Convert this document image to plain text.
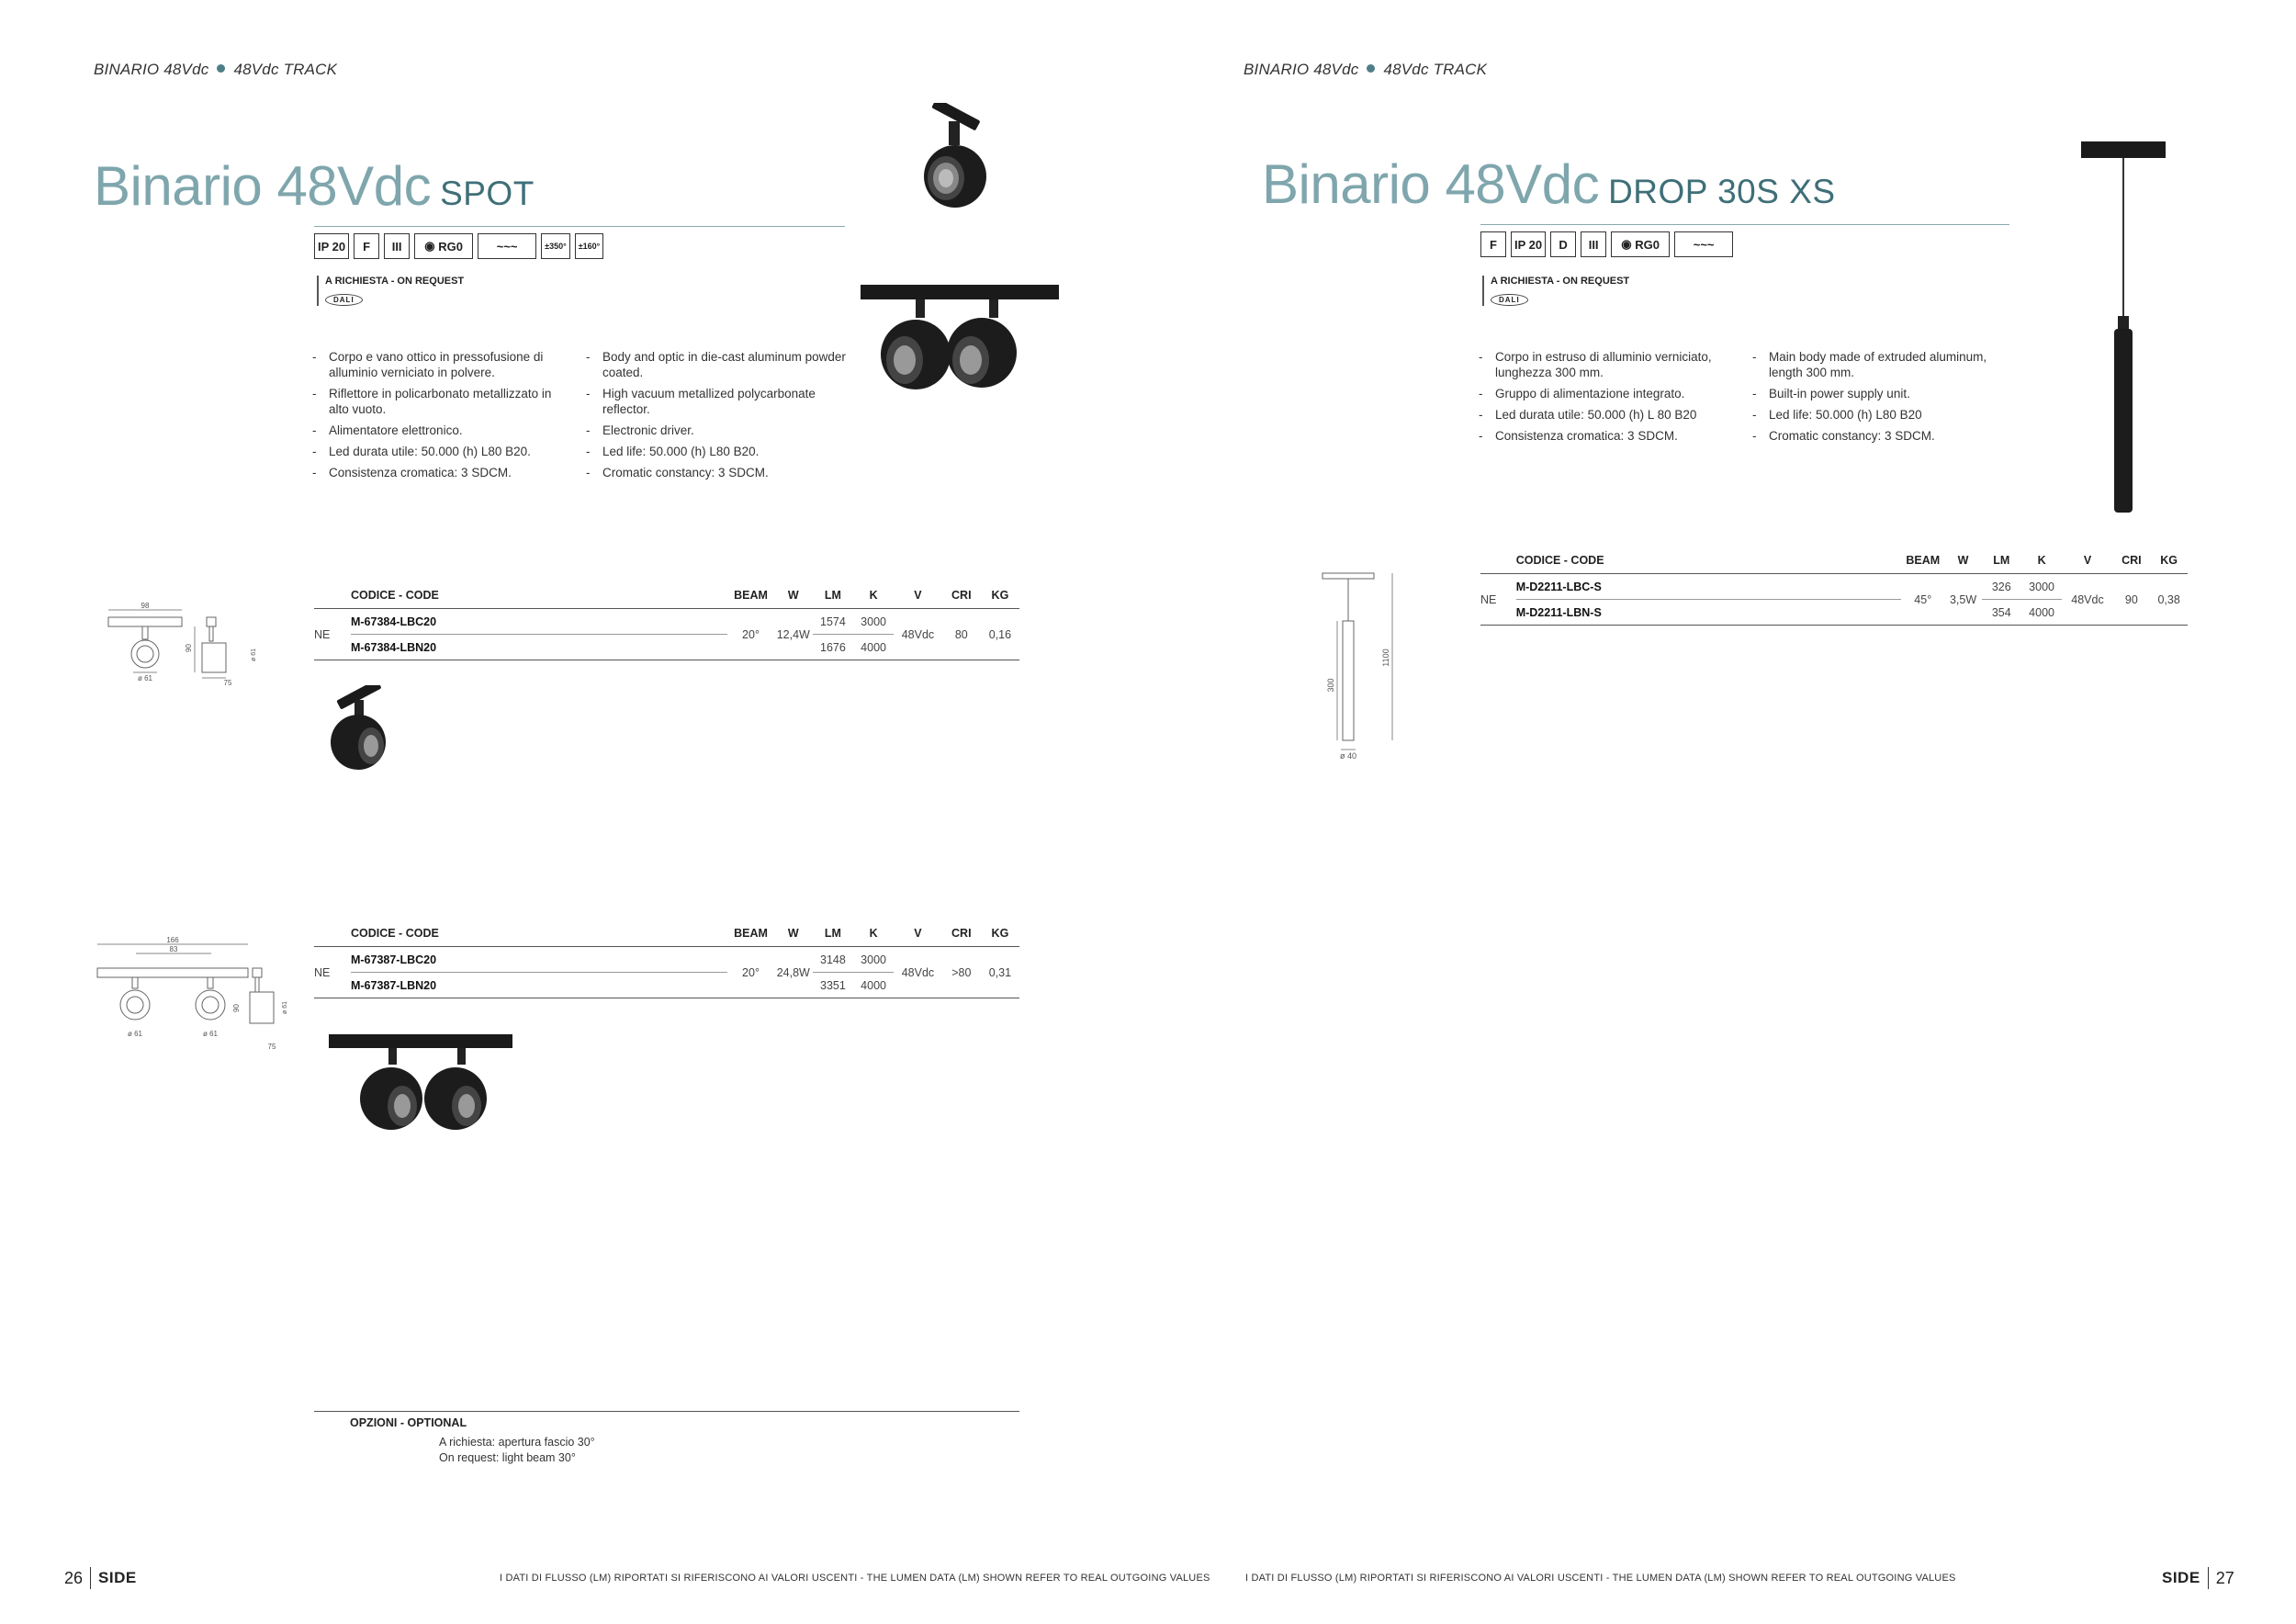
BINARIO 48Vdc 48Vdc TRACK
Binario 48Vdc SPOT
IP 20	F	III	◉ RG0	~~~	±350°	±160°
A RICHIESTA - ON REQUEST
DALI
- Corpo e vano ottico in pressofusione di alluminio verniciato in polvere.
- Riflettore in policarbonato metallizzato in alto vuoto.
- Alimentatore elettronico.
- Led durata utile: 50.000 (h) L80 B20.
- Consistenza cromatica: 3 SDCM.
- Body and optic in die-cast aluminum powder coated.
- High vacuum metallized polycarbonate reflector.
- Electronic driver.
- Led life: 50.000 (h) L80 B20.
- Cromatic constancy: 3 SDCM.
98
ø 61
90
ø 61
75
	CODICE - CODE	BEAM	W	LM	K	V	CRI	KG
NE	M-67384-LBC20	20°	12,4W	1574	3000	48Vdc	80	0,16
	M-67384-LBN20			1676	4000			
166
83
ø 61	ø 61
90	ø 61
75
	CODICE - CODE	BEAM	W	LM	K	V	CRI	KG
NE	M-67387-LBC20	20°	24,8W	3148	3000	48Vdc	>80	0,31
	M-67387-LBN20			3351	4000			
OPZIONI - OPTIONAL
A richiesta: apertura fascio 30°
On request: light beam 30°
26 SIDE	I DATI DI FLUSSO (LM) RIPORTATI SI RIFERISCONO AI VALORI USCENTI - THE LUMEN DATA (LM) SHOWN REFER TO REAL OUTGOING VALUES
BINARIO 48Vdc 48Vdc TRACK
Binario 48Vdc DROP 30S XS
F	IP 20	D	III	◉ RG0	~~~
A RICHIESTA - ON REQUEST
DALI
- Corpo in estruso di alluminio verniciato, lunghezza 300 mm.
- Gruppo di alimentazione integrato.
- Led durata utile: 50.000 (h) L 80 B20
- Consistenza cromatica: 3 SDCM.
- Main body made of extruded aluminum, length 300 mm.
- Built-in power supply unit.
- Led life: 50.000 (h) L80 B20
- Cromatic constancy: 3 SDCM.
300
1100
ø 40
	CODICE - CODE	BEAM	W	LM	K	V	CRI	KG
NE	M-D2211-LBC-S	45°	3,5W	326	3000	48Vdc	90	0,38
	M-D2211-LBN-S			354	4000			
I DATI DI FLUSSO (LM) RIPORTATI SI RIFERISCONO AI VALORI USCENTI - THE LUMEN DATA (LM) SHOWN REFER TO REAL OUTGOING VALUES	SIDE 27
